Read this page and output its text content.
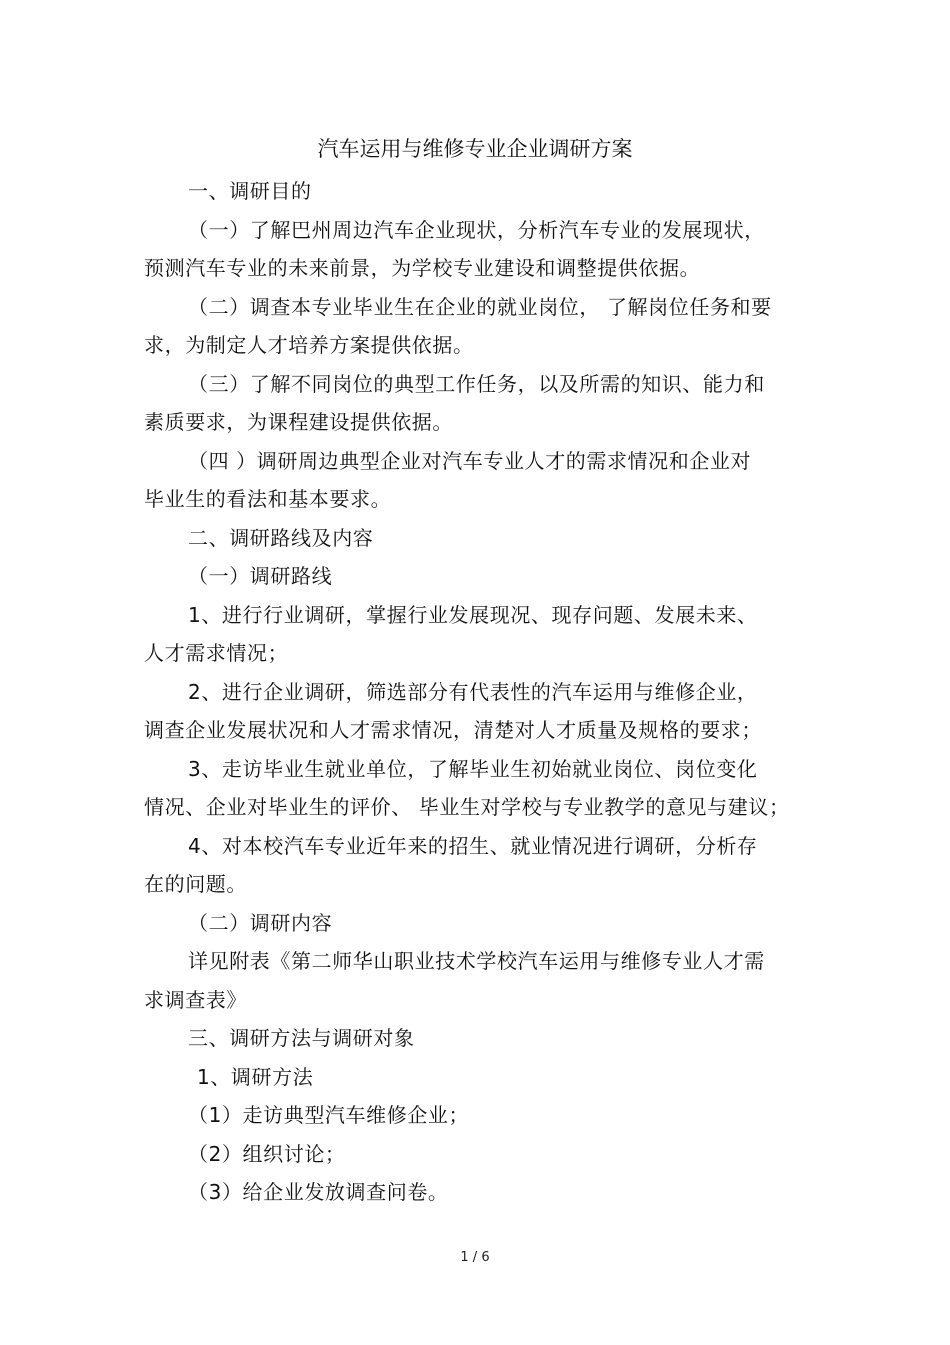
汽车运用与维修专业企业调研方案
一、调研目的
（一）了解巴州周边汽车企业现状，分析汽车专业的发展现状，
预测汽车专业的未来前景，为学校专业建设和调整提供依据。
（二）调查本专业毕业生在企业的就业岗位， 了解岗位任务和要
求，为制定人才培养方案提供依据。
（三）了解不同岗位的典型工作任务，以及所需的知识、能力和
素质要求，为课程建设提供依据。
（四 ）调研周边典型企业对汽车专业人才的需求情况和企业对
毕业生的看法和基本要求。
二、调研路线及内容
（一）调研路线
1、进行行业调研，掌握行业发展现况、现存问题、发展未来、
人才需求情况；
2、进行企业调研，筛选部分有代表性的汽车运用与维修企业，
调查企业发展状况和人才需求情况，清楚对人才质量及规格的要求；
3、走访毕业生就业单位，了解毕业生初始就业岗位、岗位变化
情况、企业对毕业生的评价、 毕业生对学校与专业教学的意见与建议；
4、对本校汽车专业近年来的招生、就业情况进行调研，分析存
在的问题。
（二）调研内容
详见附表《第二师华山职业技术学校汽车运用与维修专业人才需
求调查表》
三、调研方法与调研对象
1、调研方法
（1）走访典型汽车维修企业；
（2）组织讨论；
（3）给企业发放调查问卷。
1 / 6
